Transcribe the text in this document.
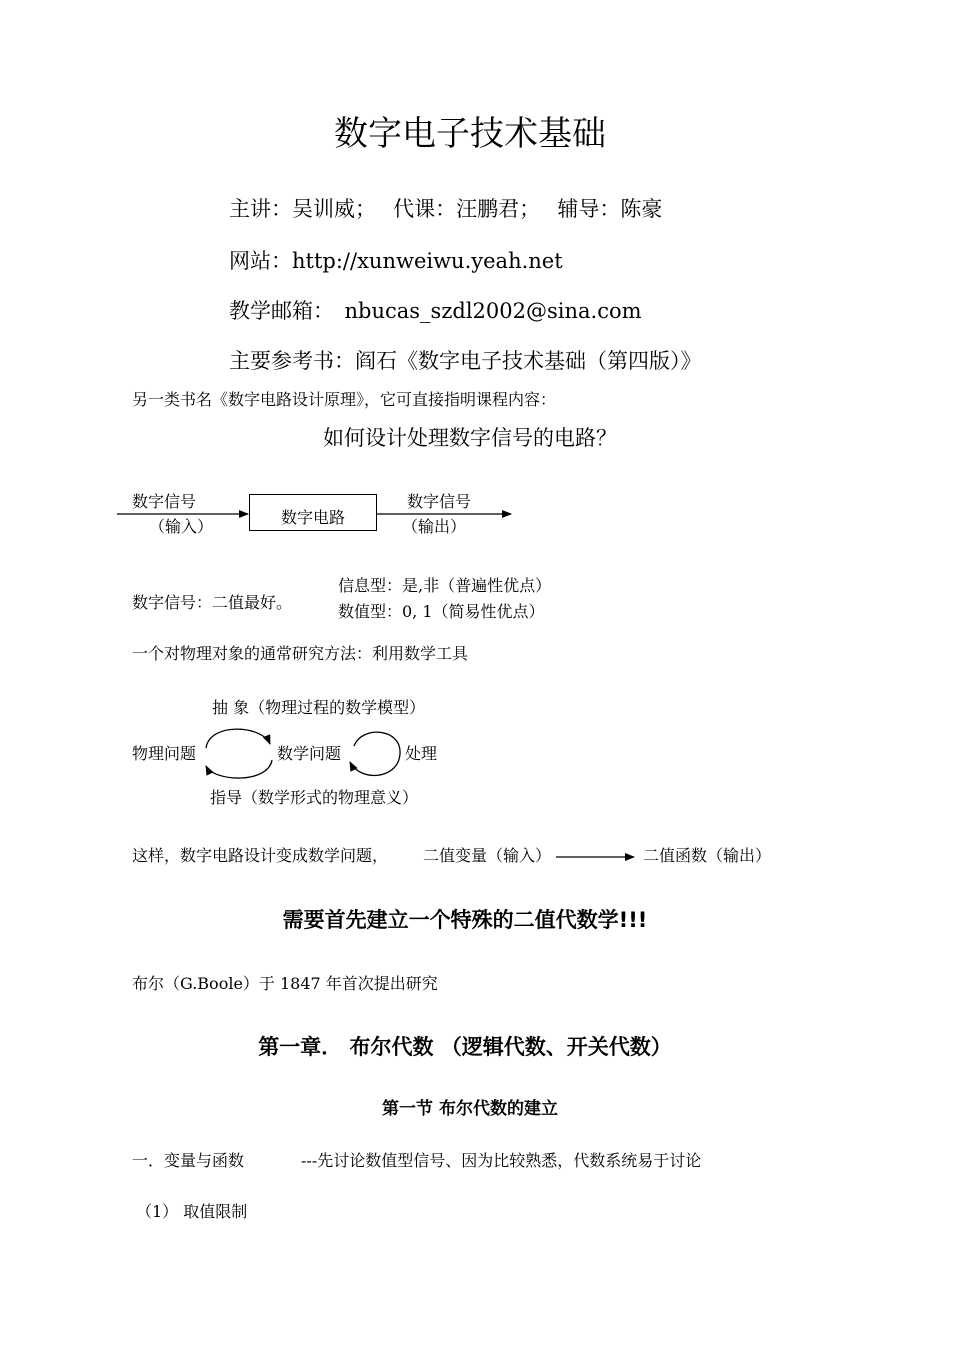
数字电子技术基础
主讲：吴训威；　 代课：汪鹏君；　 辅导：陈豪
网站：http://xunweiwu.yeah.net
教学邮箱：　nbucas_szdl2002@sina.com
主要参考书：阎石《数字电子技术基础（第四版）》
另一类书名《数字电路设计原理》，它可直接指明课程内容：
如何设计处理数字信号的电路？
数字信号
（输入）	数字电路
数字信号
（输出）
数字信号：二值最好。
信息型：是,非（普遍性优点）
数值型：0, 1（简易性优点）
一个对物理对象的通常研究方法：利用数学工具
抽 象（物理过程的数学模型）
物理问题	数学问题	处理
指导（数学形式的物理意义）
这样，数字电路设计变成数学问题， 二值变量（输入）	二值函数（输出）
需要首先建立一个特殊的二值代数学!!!
布尔（G.Boole）于 1847 年首次提出研究
第一章． 布尔代数 （逻辑代数、开关代数）
第一节 布尔代数的建立
一．变量与函数	---先讨论数值型信号、因为比较熟悉，代数系统易于讨论
（1） 取值限制
